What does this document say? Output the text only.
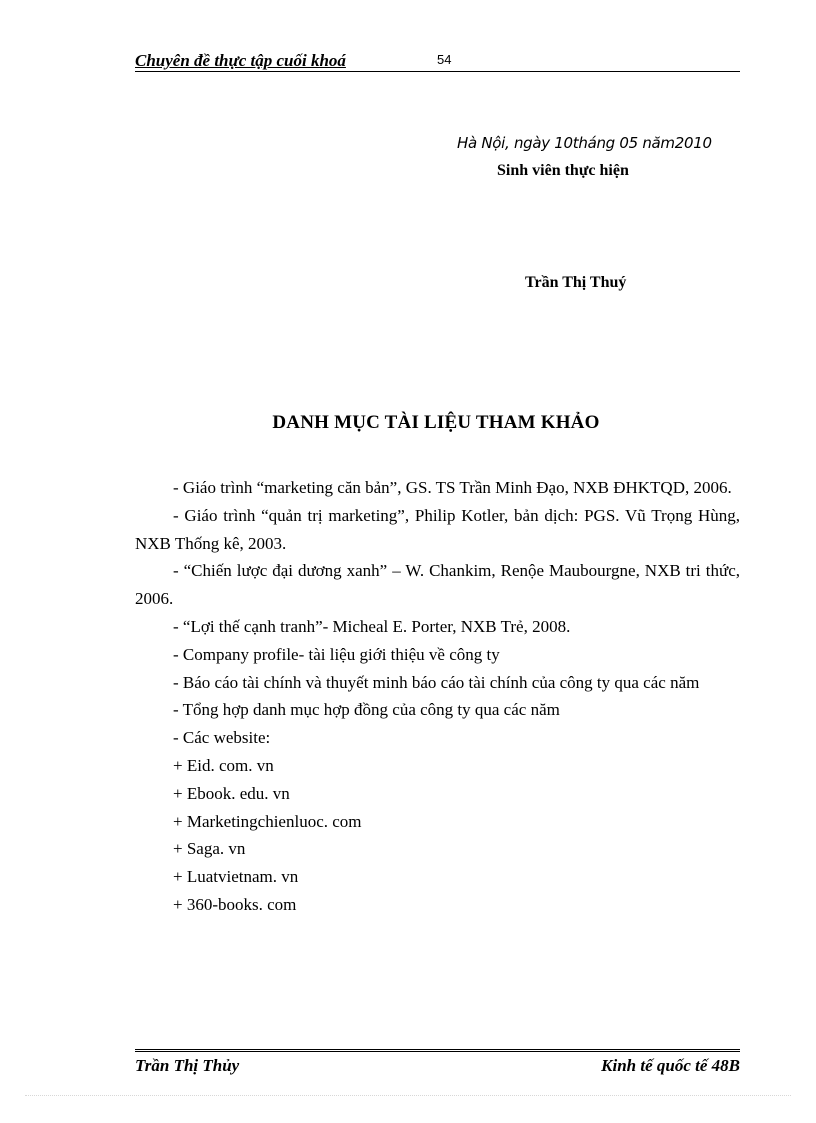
Chuyên đề thực tập cuối khoá	54
Hà Nội, ngày 10tháng 05 năm2010
Sinh viên thực hiện
Trần Thị Thuý
DANH MỤC TÀI LIỆU THAM KHẢO

- Giáo trình “marketing căn bản”, GS. TS Trần Minh Đạo, NXB ĐHKTQD, 2006.

- Giáo trình “quản trị marketing”, Philip Kotler, bản dịch: PGS. Vũ Trọng Hùng, NXB Thống kê, 2003.

- “Chiến lược đại dương xanh” – W. Chankim, Renộe Maubourgne, NXB tri thức, 2006.

- “Lợi thế cạnh tranh”- Micheal E. Porter, NXB Trẻ, 2008.

- Company profile- tài liệu giới thiệu về công ty

- Báo cáo tài chính và thuyết minh báo cáo tài chính của công ty qua các năm

- Tổng hợp danh mục hợp đồng của công ty qua các năm

- Các website:

+ Eid. com. vn

+ Ebook. edu. vn

+ Marketingchienluoc. com

+ Saga. vn

+ Luatvietnam. vn

+ 360-books. com

Trần Thị Thủy	Kinh tế quốc tế 48B
